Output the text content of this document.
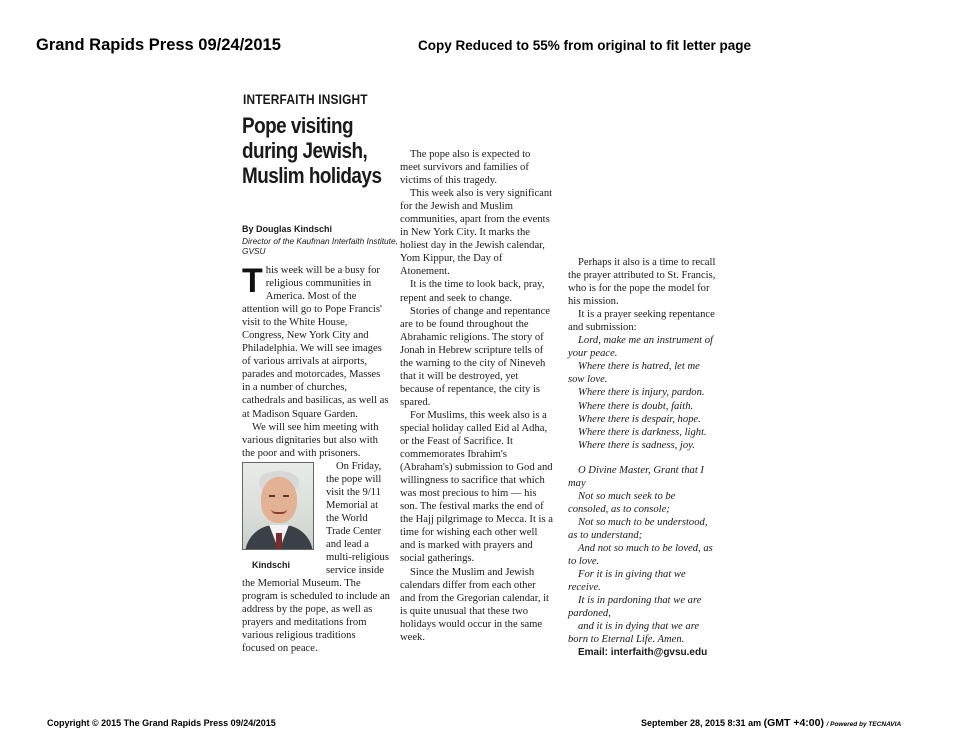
Grand Rapids Press 09/24/2015	Copy Reduced to 55% from original to fit letter page
INTERFAITH INSIGHT
Pope visiting
during Jewish,
Muslim holidays
By Douglas Kindschi
Director of the Kaufman Interfaith Institute, GVSU

This week will be a busy for religious communities in America. Most of the attention will go to Pope Francis' visit to the White House, Congress, New York City and Philadelphia. We will see images of various arrivals at airports, parades and motorcades, Masses in a number of churches, cathedrals and basilicas, as well as at Madison Square Garden.

We will see him meeting with various dignitaries but also with the poor and with prisoners.

Kindschi
On Friday, the pope will visit the 9/11 Memorial at the World Trade Center and lead a multi-religious service inside the Memorial Museum. The program is scheduled to include an address by the pope, as well as prayers and meditations from various religious traditions focused on peace.

The pope also is expected to meet survivors and families of victims of this tragedy.

This week also is very significant for the Jewish and Muslim communities, apart from the events in New York City. It marks the holiest day in the Jewish calendar, Yom Kippur, the Day of Atonement.

It is the time to look back, pray, repent and seek to change.

Stories of change and repentance are to be found throughout the Abrahamic religions. The story of Jonah in Hebrew scripture tells of the warning to the city of Nineveh that it will be destroyed, yet because of repentance, the city is spared.

For Muslims, this week also is a special holiday called Eid al Adha, or the Feast of Sacrifice. It commemorates Ibrahim's (Abraham's) submission to God and willingness to sacrifice that which was most precious to him — his son. The festival marks the end of the Hajj pilgrimage to Mecca. It is a time for wishing each other well and is marked with prayers and social gatherings.

Since the Muslim and Jewish calendars differ from each other and from the Gregorian calendar, it is quite unusual that these two holidays would occur in the same week.

Perhaps it also is a time to recall the prayer attributed to St. Francis, who is for the pope the model for his mission.

It is a prayer seeking repentance and submission:

Lord, make me an instrument of your peace.

Where there is hatred, let me sow love.

Where there is injury, pardon.

Where there is doubt, faith.

Where there is despair, hope.

Where there is darkness, light.

Where there is sadness, joy.

O Divine Master, Grant that I may

Not so much seek to be consoled, as to console;

Not so much to be understood, as to understand;

And not so much to be loved, as to love.

For it is in giving that we receive.

It is in pardoning that we are pardoned,

and it is in dying that we are born to Eternal Life. Amen.

Email: interfaith@gvsu.edu

Copyright © 2015 The Grand Rapids Press 09/24/2015	September 28, 2015 8:31 am (GMT +4:00) / Powered by TECNAVIA
